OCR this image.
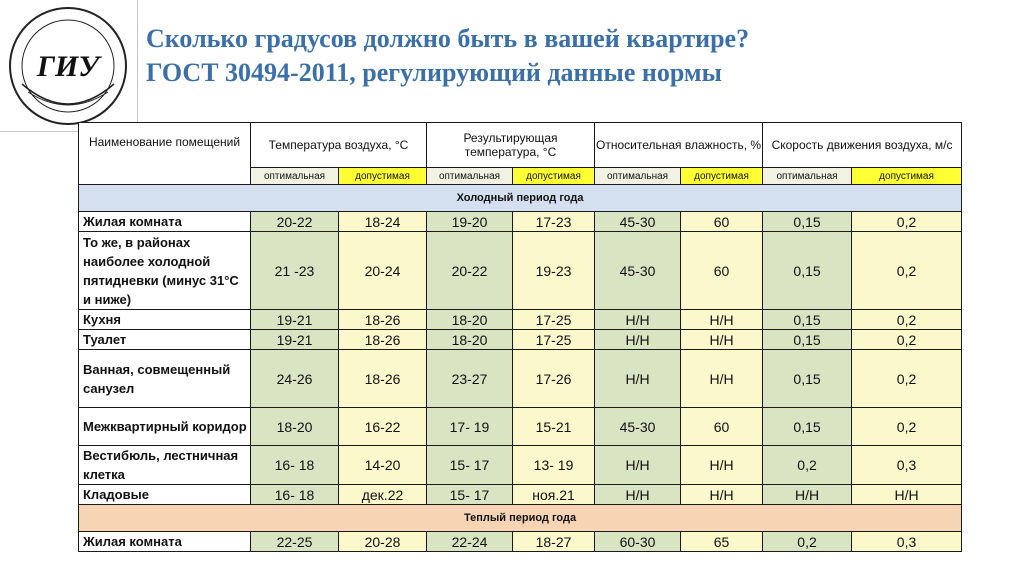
ГИУ
Сколько градусов должно быть в вашей квартире?
ГОСТ 30494-2011, регулирующий данные нормы
Наименование помещений	Температура воздуха, °С		Результирующая температура, °С		Относительная влажность, %		Скорость движения воздуха, м/с	
	оптимальная	допустимая	оптимальная	допустимая	оптимальная	допустимая	оптимальная	допустимая
Холодный период года								
Жилая комната	20-22	18-24	19-20	17-23	45-30	60	0,15	0,2
То же, в районах наиболее холодной пятидневки (минус 31°С и ниже)	21 -23	20-24	20-22	19-23	45-30	60	0,15	0,2
Кухня	19-21	18-26	18-20	17-25	Н/Н	Н/Н	0,15	0,2
Туалет	19-21	18-26	18-20	17-25	Н/Н	Н/Н	0,15	0,2
Ванная, совмещенный санузел	24-26	18-26	23-27	17-26	Н/Н	Н/Н	0,15	0,2
Межквартирный коридор	18-20	16-22	17- 19	15-21	45-30	60	0,15	0,2
Вестибюль, лестничная клетка	16- 18	14-20	15- 17	13- 19	Н/Н	Н/Н	0,2	0,3
Кладовые	16- 18	дек.22	15- 17	ноя.21	Н/Н	Н/Н	Н/Н	Н/Н
Теплый период года								
Жилая комната	22-25	20-28	22-24	18-27	60-30	65	0,2	0,3
